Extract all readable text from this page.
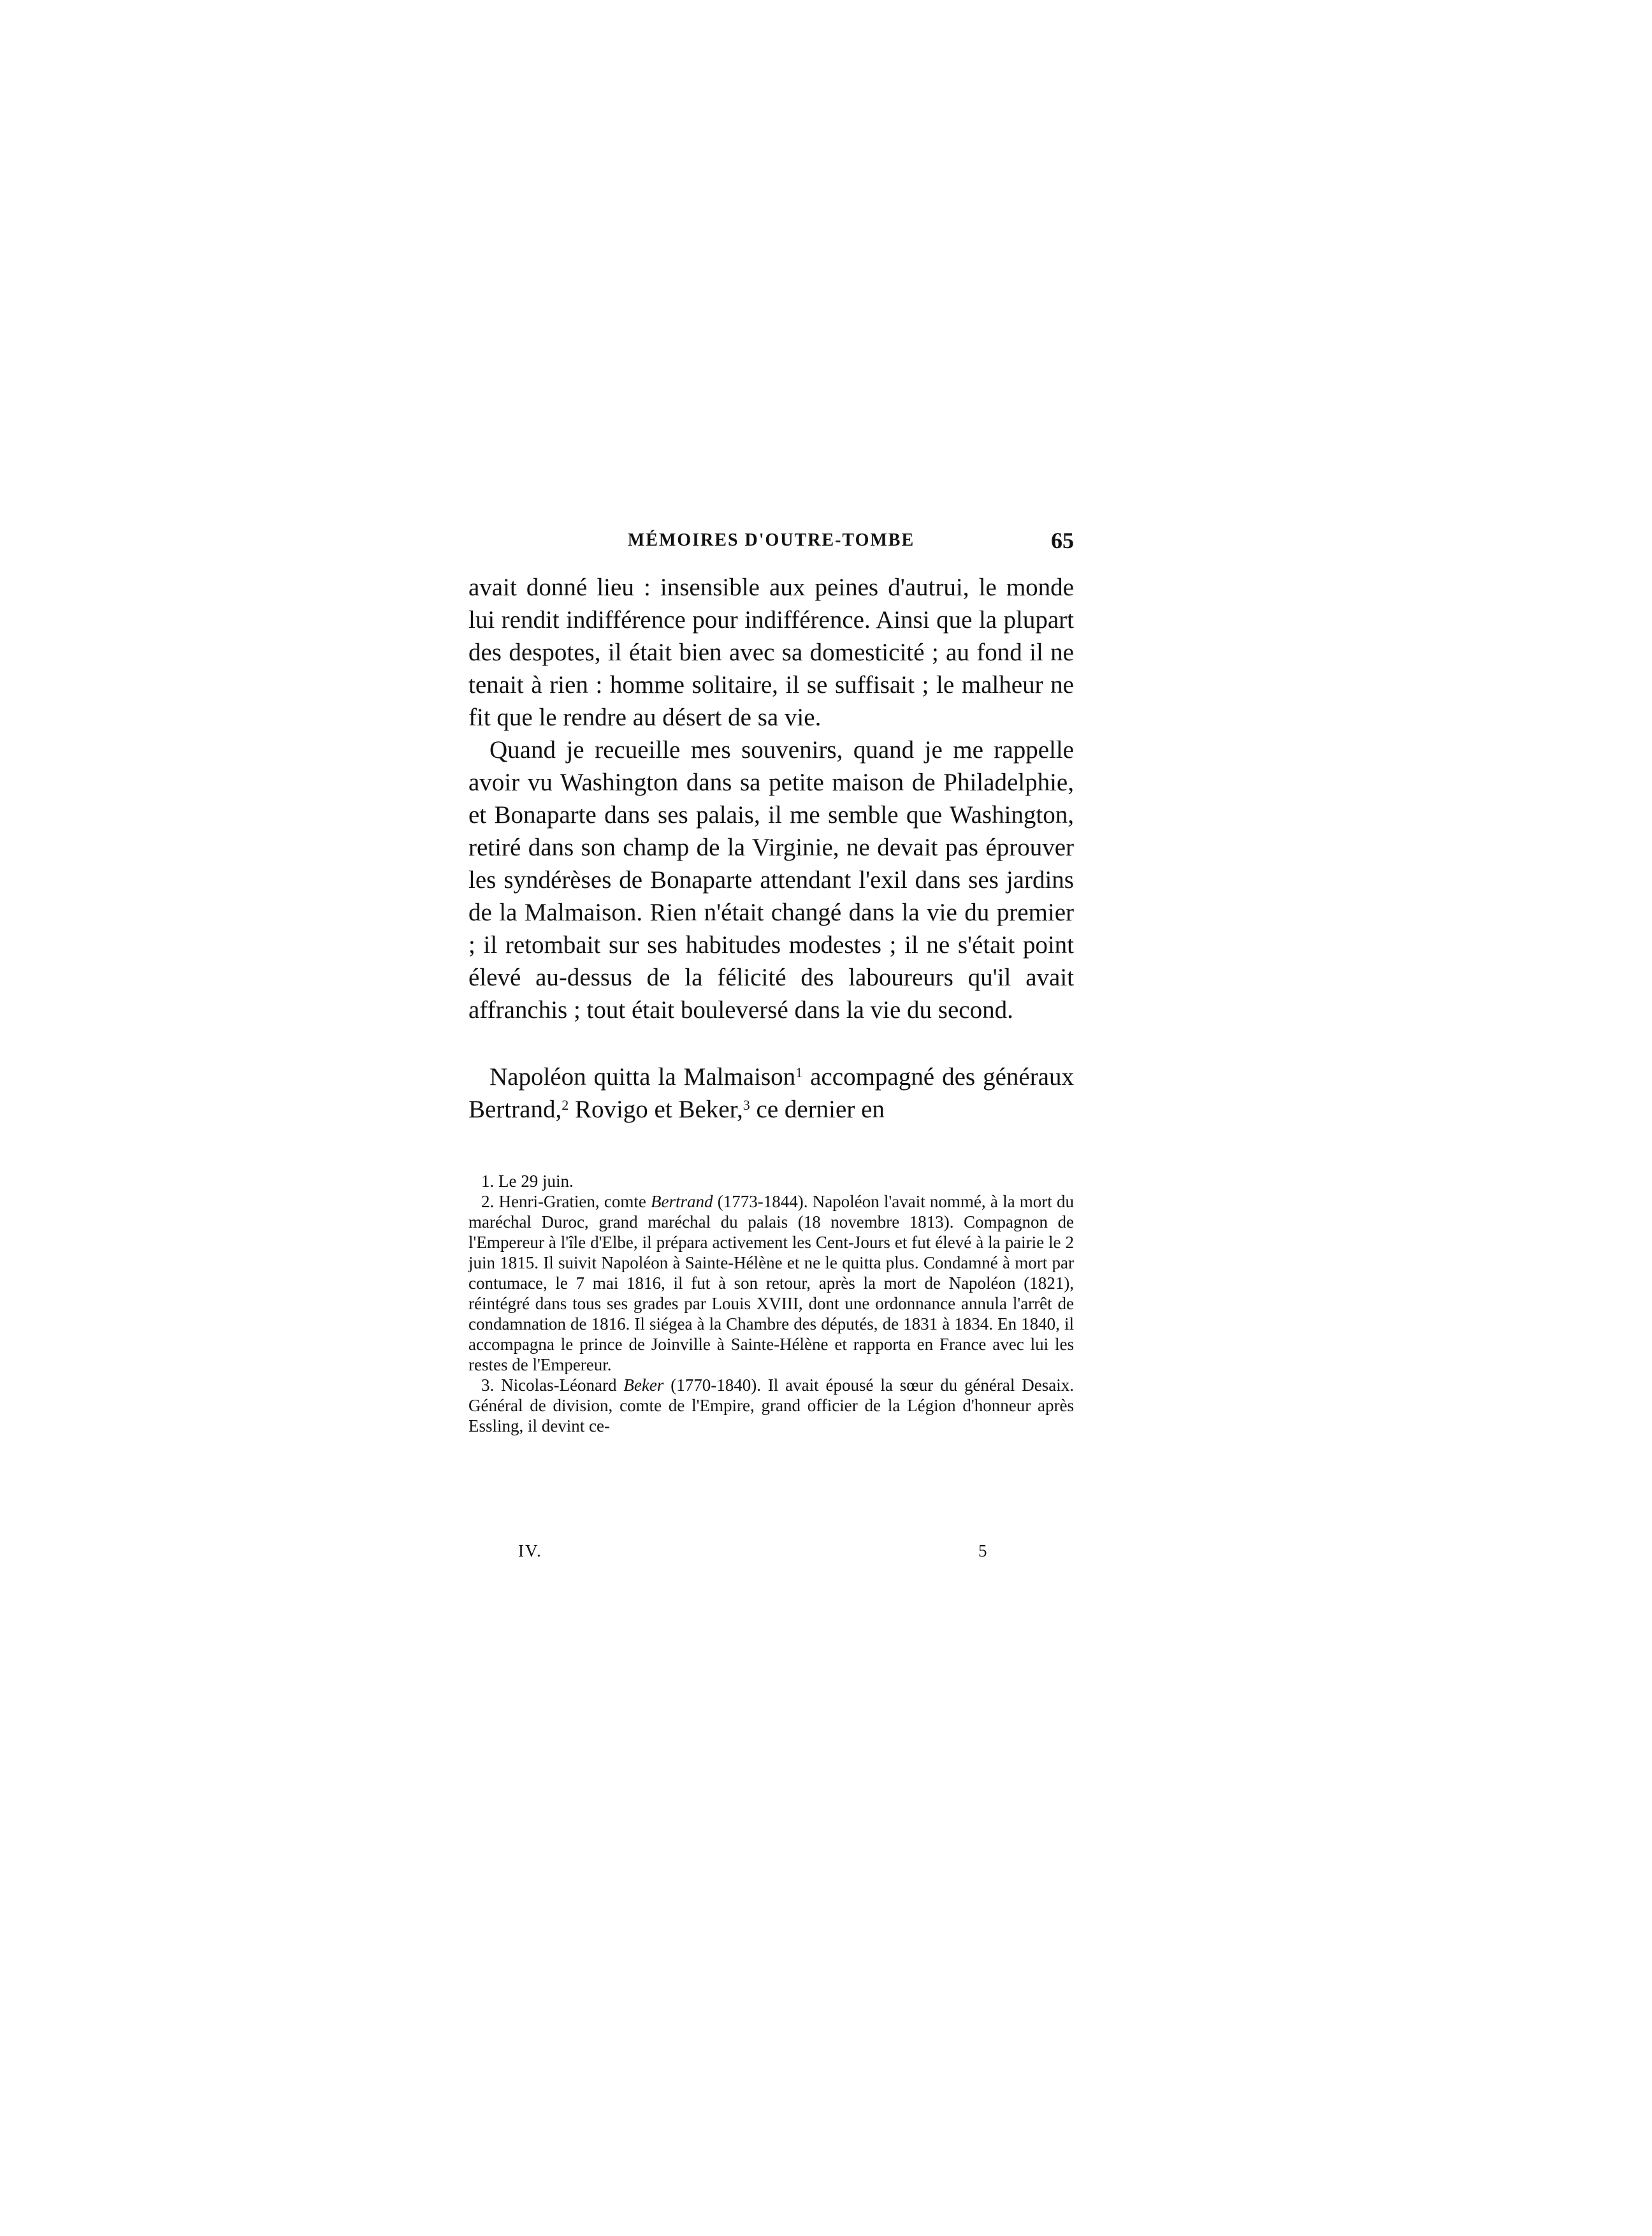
MÉMOIRES D'OUTRE-TOMBE	65

avait donné lieu : insensible aux peines d'autrui, le monde lui rendit indifférence pour indifférence. Ainsi que la plupart des despotes, il était bien avec sa domesticité ; au fond il ne tenait à rien : homme solitaire, il se suffisait ; le malheur ne fit que le rendre au désert de sa vie.

Quand je recueille mes souvenirs, quand je me rappelle avoir vu Washington dans sa petite maison de Philadelphie, et Bonaparte dans ses palais, il me semble que Washington, retiré dans son champ de la Virginie, ne devait pas éprouver les syndérèses de Bonaparte attendant l'exil dans ses jardins de la Malmaison. Rien n'était changé dans la vie du premier ; il retombait sur ses habitudes modestes ; il ne s'était point élevé au-dessus de la félicité des laboureurs qu'il avait affranchis ; tout était bouleversé dans la vie du second.

Napoléon quitta la Malmaison$^1$ accompagné des généraux Bertrand,$^2$ Rovigo et Beker,$^3$ ce dernier en

1. Le 29 juin.

2. Henri-Gratien, comte Bertrand (1773-1844). Napoléon l'avait nommé, à la mort du maréchal Duroc, grand maréchal du palais (18 novembre 1813). Compagnon de l'Empereur à l'île d'Elbe, il prépara activement les Cent-Jours et fut élevé à la pairie le 2 juin 1815. Il suivit Napoléon à Sainte-Hélène et ne le quitta plus. Condamné à mort par contumace, le 7 mai 1816, il fut à son retour, après la mort de Napoléon (1821), réintégré dans tous ses grades par Louis XVIII, dont une ordonnance annula l'arrêt de condamnation de 1816. Il siégea à la Chambre des députés, de 1831 à 1834. En 1840, il accompagna le prince de Joinville à Sainte-Hélène et rapporta en France avec lui les restes de l'Empereur.

3. Nicolas-Léonard Beker (1770-1840). Il avait épousé la sœur du général Desaix. Général de division, comte de l'Empire, grand officier de la Légion d'honneur après Essling, il devint ce-

IV.	5
